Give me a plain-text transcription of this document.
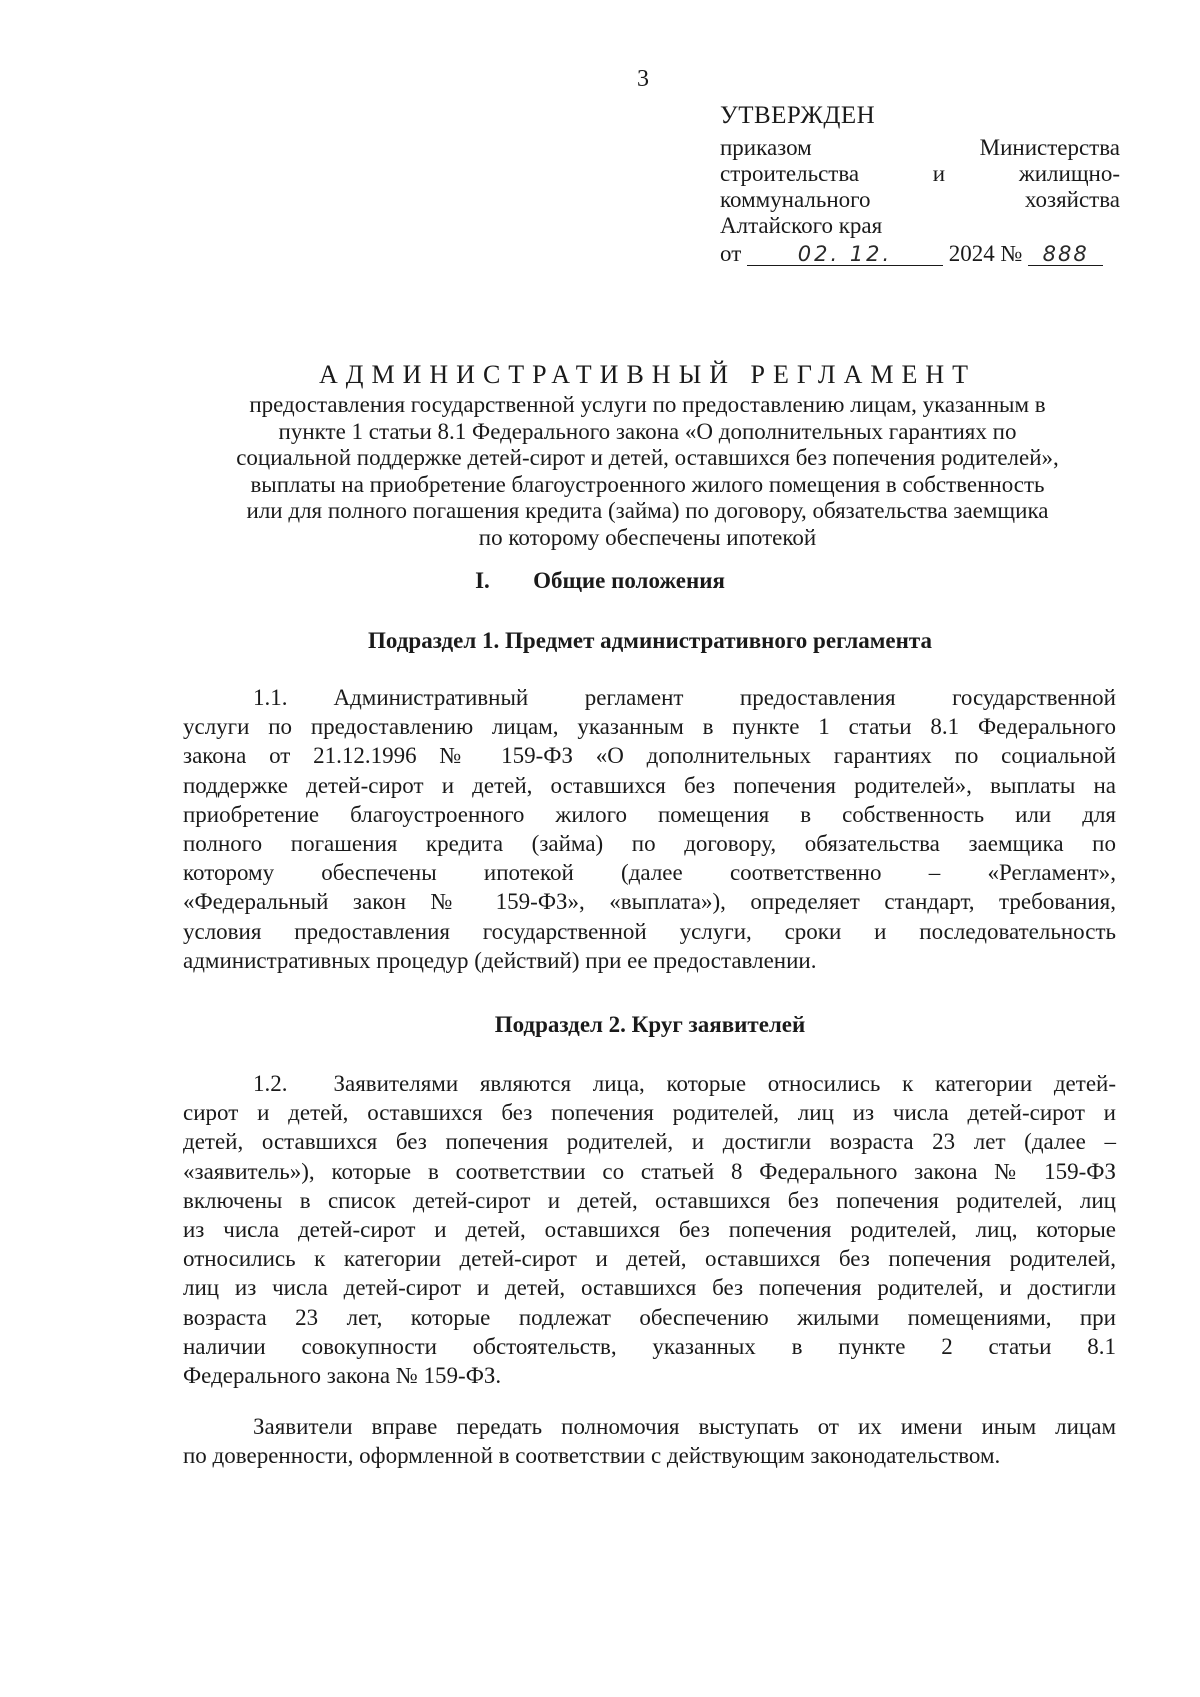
3
УТВЕРЖДЕН
приказом Министерства
строительства и жилищно-
коммунального хозяйства
Алтайского края
от	02. 12. 2024 № 888
АДМИНИСТРАТИВНЫЙ РЕГЛАМЕНТ
предоставления государственной услуги по предоставлению лицам, указанным в
пункте 1 статьи 8.1 Федерального закона «О дополнительных гарантиях по
социальной поддержке детей-сирот и детей, оставшихся без попечения родителей»,
выплаты на приобретение благоустроенного жилого помещения в собственность
или для полного погашения кредита (займа) по договору, обязательства заемщика
по которому обеспечены ипотекой
I. Общие положения
Подраздел 1. Предмет административного регламента
1.1.  Административный регламент предоставления государственной
услуги по предоставлению лицам, указанным в пункте 1 статьи 8.1 Федерального
закона от 21.12.1996 № 159-ФЗ «О дополнительных гарантиях по социальной
поддержке детей-сирот и детей, оставшихся без попечения родителей», выплаты на
приобретение благоустроенного жилого помещения в собственность или для
полного погашения кредита (займа) по договору, обязательства заемщика по
которому обеспечены ипотекой (далее соответственно – «Регламент»,
«Федеральный закон № 159-ФЗ», «выплата»), определяет стандарт, требования,
условия предоставления государственной услуги, сроки и последовательность
административных процедур (действий) при ее предоставлении.
Подраздел 2. Круг заявителей
1.2.  Заявителями являются лица, которые относились к категории детей-
сирот и детей, оставшихся без попечения родителей, лиц из числа детей-сирот и
детей, оставшихся без попечения родителей, и достигли возраста 23 лет (далее –
«заявитель»), которые в соответствии со статьей 8 Федерального закона № 159-ФЗ
включены в список детей-сирот и детей, оставшихся без попечения родителей, лиц
из числа детей-сирот и детей, оставшихся без попечения родителей, лиц, которые
относились к категории детей-сирот и детей, оставшихся без попечения родителей,
лиц из числа детей-сирот и детей, оставшихся без попечения родителей, и достигли
возраста 23 лет, которые подлежат обеспечению жилыми помещениями, при
наличии совокупности обстоятельств, указанных в пункте 2 статьи 8.1
Федерального закона № 159-ФЗ.
Заявители вправе передать полномочия выступать от их имени иным лицам
по доверенности, оформленной в соответствии с действующим законодательством.
